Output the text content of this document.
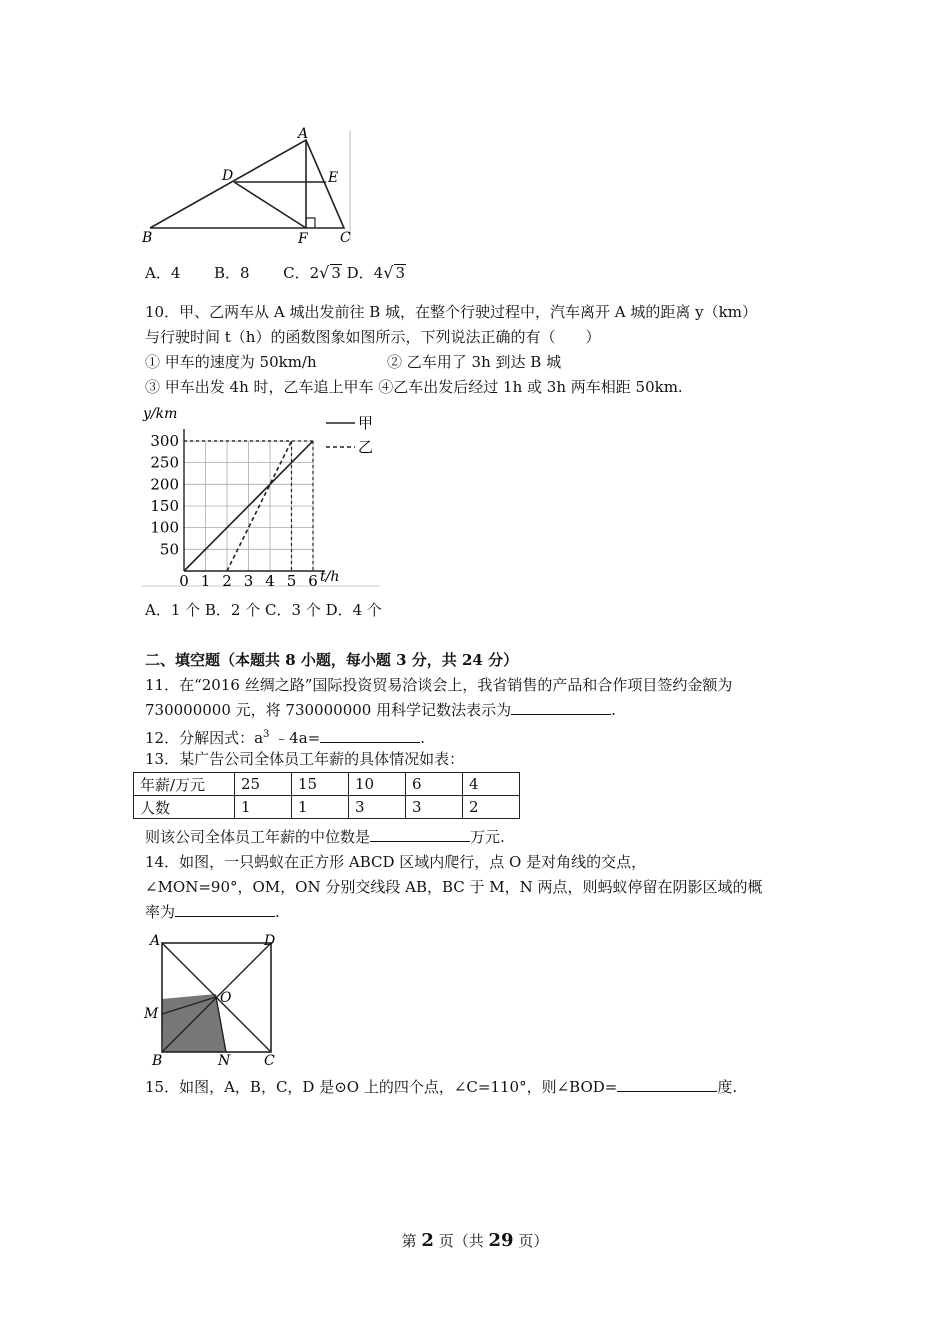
A
D	E
B	F C
A．4 B．8 C．2√ 3 D．4√ 3
10．甲、乙两车从 A 城出发前往 B 城，在整个行驶过程中，汽车离开 A 城的距离 y（km）
与行驶时间 t（h）的函数图象如图所示，下列说法正确的有（　　）
① 甲车的速度为 50km/h	② 乙车用了 3h 到达 B 城
③ 甲车出发 4h 时，乙车追上甲车 ④乙车出发后经过 1h 或 3h 两车相距 50km.
0 1 2 3 4 5 6
50
100
150
200
250
300
y/km
t/h
甲
乙
A．1 个 B．2 个 C．3 个 D．4 个
二、填空题（本题共 8 小题，每小题 3 分，共 24 分）
11．在“2016 丝绸之路”国际投资贸易洽谈会上，我省销售的产品和合作项目签约金额为
730000000 元，将 730000000 用科学记数法表示为	.
12．分解因式：$a^3$ ﹣4a=	.
13．某广告公司全体员工年薪的具体情况如表：
年薪/万元	25	15	10	6	4
人数	1	1	3	3	2
则该公司全体员工年薪的中位数是	万元.
14．如图，一只蚂蚁在正方形 ABCD 区域内爬行，点 O 是对角线的交点，
∠MON=90°，OM，ON 分别交线段 AB，BC 于 M，N 两点，则蚂蚁停留在阴影区域的概
率为	.
A	D
O
M
B	N C
15．如图，A，B，C，D 是⊙O 上的四个点，∠C=110°，则∠BOD=	度.
第 2 页（共 29 页）
